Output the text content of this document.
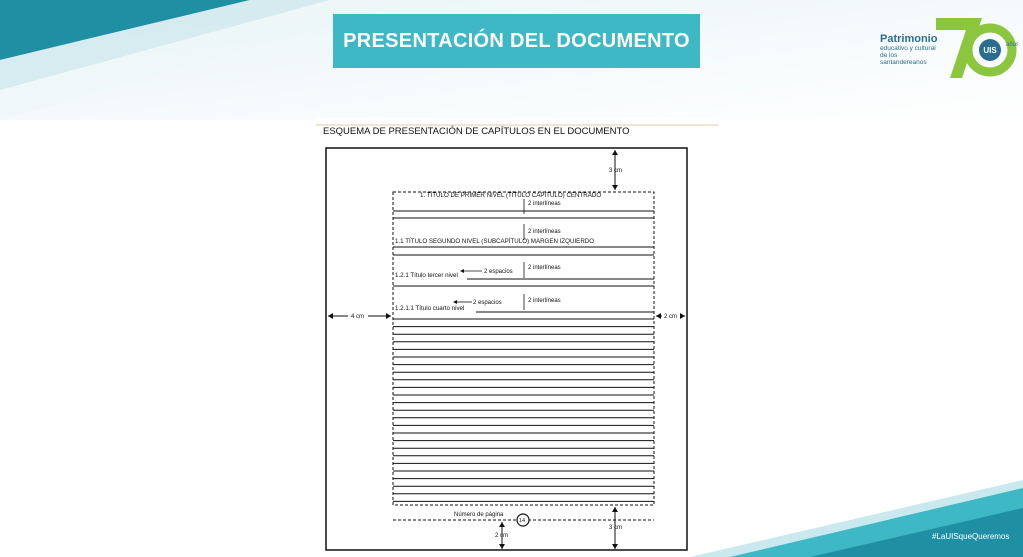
PRESENTACIÓN DEL DOCUMENTO	UIS
años
Patrimonio
educativo y cultural de los santandereanos
ESQUEMA DE PRESENTACIÓN DE CAPÍTULOS EN EL DOCUMENTO
3 cm
4 cm	2 cm
1. TÍTULO DE PRIMER NIVEL (TÍTULO CAPÍTULO) CENTRADO
2 interlíneas
2 interlíneas
1.1 TÍTULO SEGUNDO NIVEL (SUBCAPÍTULO) MARGEN IZQUIERDO
2 interlíneas
2 espacios
1.2.1 Título tercer nivel
2 interlíneas
2 espacios
1.2.1.1 Título cuarto nivel
Número de página
14
2 cm
3 cm
#LaUISqueQueremos
